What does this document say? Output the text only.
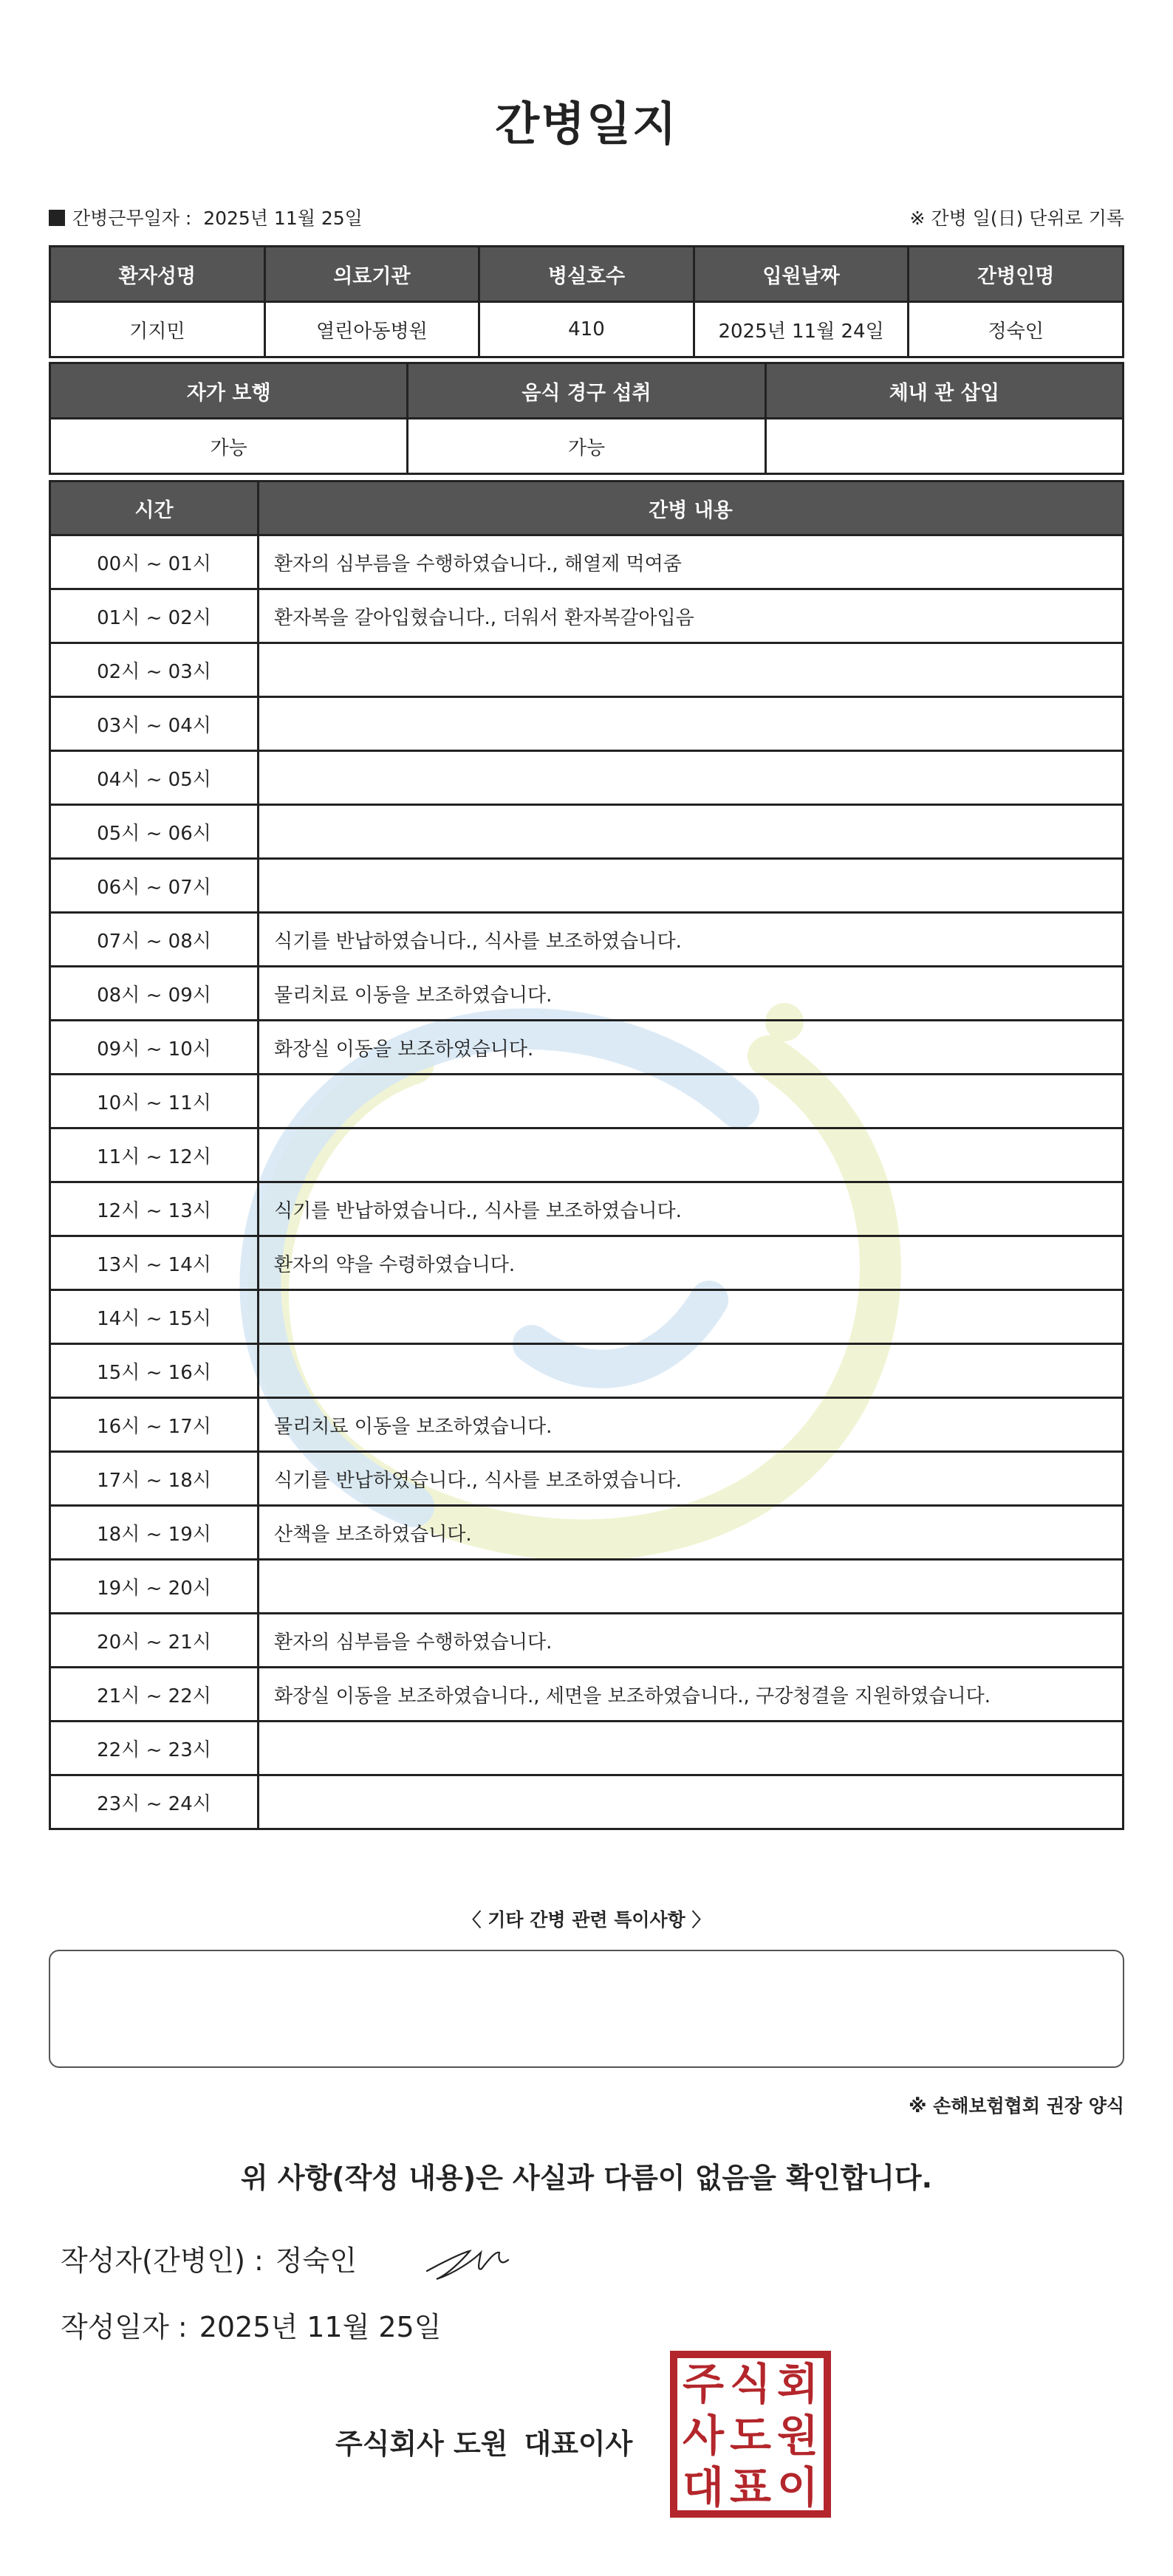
간병일지
간병근무일자 : 2025년 11월 25일	※ 간병 일(日) 단위로 기록
환자성명	의료기관	병실호수	입원날짜	간병인명
기지민	열린아동병원	410	2025년 11월 24일	정숙인
자가 보행	음식 경구 섭취	체내 관 삽입
가능	가능	
시간	간병 내용
00시 ~ 01시	환자의 심부름을 수행하였습니다., 해열제 먹여줌
01시 ~ 02시	환자복을 갈아입혔습니다., 더워서 환자복갈아입음
02시 ~ 03시	
03시 ~ 04시	
04시 ~ 05시	
05시 ~ 06시	
06시 ~ 07시	
07시 ~ 08시	식기를 반납하였습니다., 식사를 보조하였습니다.
08시 ~ 09시	물리치료 이동을 보조하였습니다.
09시 ~ 10시	화장실 이동을 보조하였습니다.
10시 ~ 11시	
11시 ~ 12시	
12시 ~ 13시	식기를 반납하였습니다., 식사를 보조하였습니다.
13시 ~ 14시	환자의 약을 수령하였습니다.
14시 ~ 15시	
15시 ~ 16시	
16시 ~ 17시	물리치료 이동을 보조하였습니다.
17시 ~ 18시	식기를 반납하였습니다., 식사를 보조하였습니다.
18시 ~ 19시	산책을 보조하였습니다.
19시 ~ 20시	
20시 ~ 21시	환자의 심부름을 수행하였습니다.
21시 ~ 22시	화장실 이동을 보조하였습니다., 세면을 보조하였습니다., 구강청결을 지원하였습니다.
22시 ~ 23시	
23시 ~ 24시	
〈 기타 간병 관련 특이사항 〉
※ 손해보험협회 권장 양식
위 사항(작성 내용)은 사실과 다름이 없음을 확인합니다.
작성자(간병인) : 정숙인
작성일자 : 2025년 11월 25일
주식회사 도원 대표이사
주 식 회
사 도 원
대 표 이
